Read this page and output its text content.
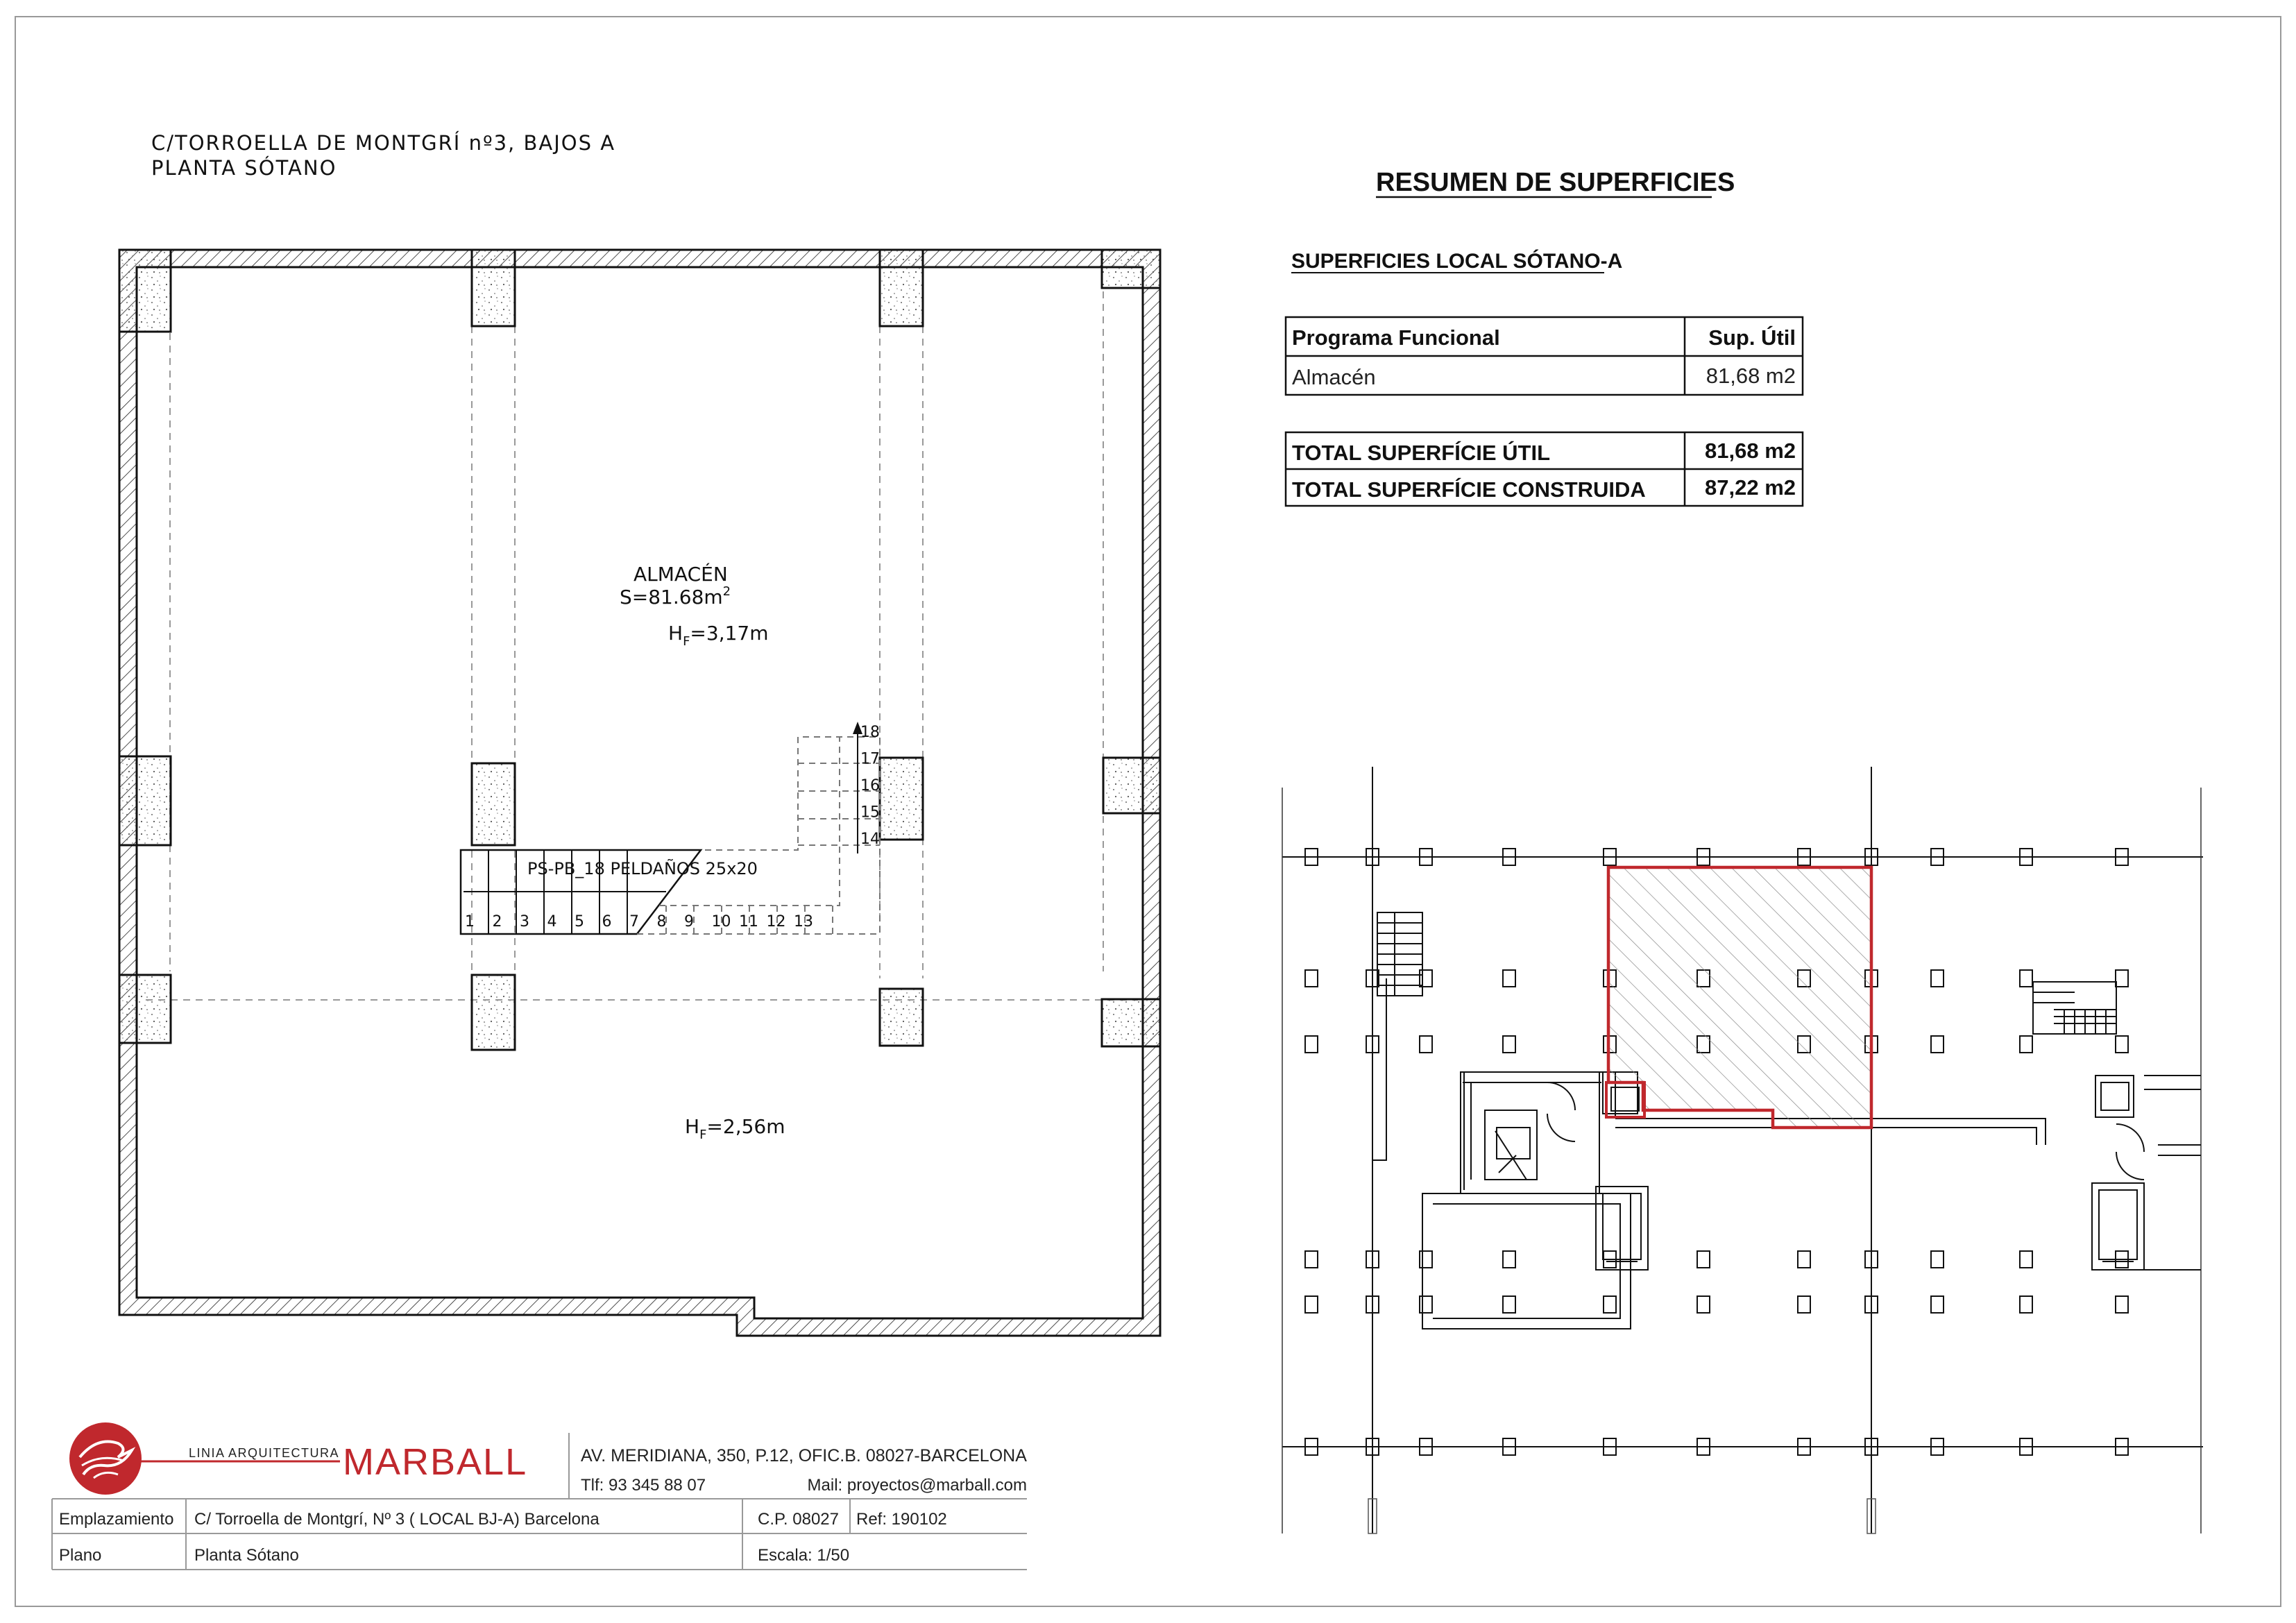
C/TORROELLA DE MONTGRÍ nº3, BAJOS A
PLANTA SÓTANO
PS-PB_18 PELDAÑOS 25x20
1 2 3 4 5 6 7 8 9 10 11 12 13
18
17
16
15
14
ALMACÉN
$S=81.68m^2$
$H_F=3,17m$
$H_F=2,56m$
RESUMEN DE SUPERFICIES
SUPERFICIES LOCAL SÓTANO-A
Programa Funcional	Sup. Útil
Almacén	81,68 m2
TOTAL SUPERFÍCIE ÚTIL	81,68 m2
TOTAL SUPERFÍCIE CONSTRUIDA	87,22 m2
LINIA ARQUITECTURA MARBALL	AV. MERIDIANA, 350, P.12, OFIC.B. 08027-BARCELONA
Tlf: 93 345 88 07	Mail: proyectos@marball.com
Emplazamiento C/ Torroella de Montgrí, Nº 3 ( LOCAL BJ-A) Barcelona	C.P. 08027 Ref: 190102
Plano	Planta Sótano	Escala: 1/50
